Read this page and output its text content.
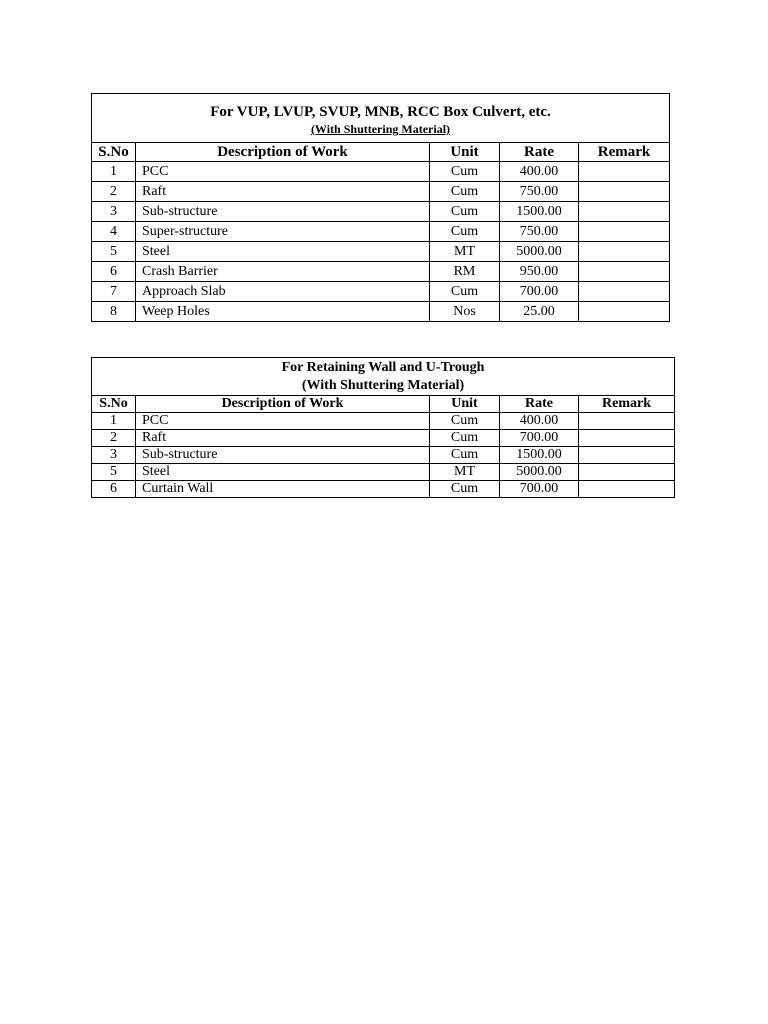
For VUP, LVUP, SVUP, MNB, RCC Box Culvert, etc.
(With Shuttering Material)				

S.No	Description of Work	Unit	Rate	Remark
1	PCC	Cum	400.00	
2	Raft	Cum	750.00	
3	Sub-structure	Cum	1500.00	
4	Super-structure	Cum	750.00	
5	Steel	MT	5000.00	
6	Crash Barrier	RM	950.00	
7	Approach Slab	Cum	700.00	
8	Weep Holes	Nos	25.00	
For Retaining Wall and U-Trough
(With Shuttering Material)				

S.No	Description of Work	Unit	Rate	Remark
1	PCC	Cum	400.00	
2	Raft	Cum	700.00	
3	Sub-structure	Cum	1500.00	
5	Steel	MT	5000.00	
6	Curtain Wall	Cum	700.00	
